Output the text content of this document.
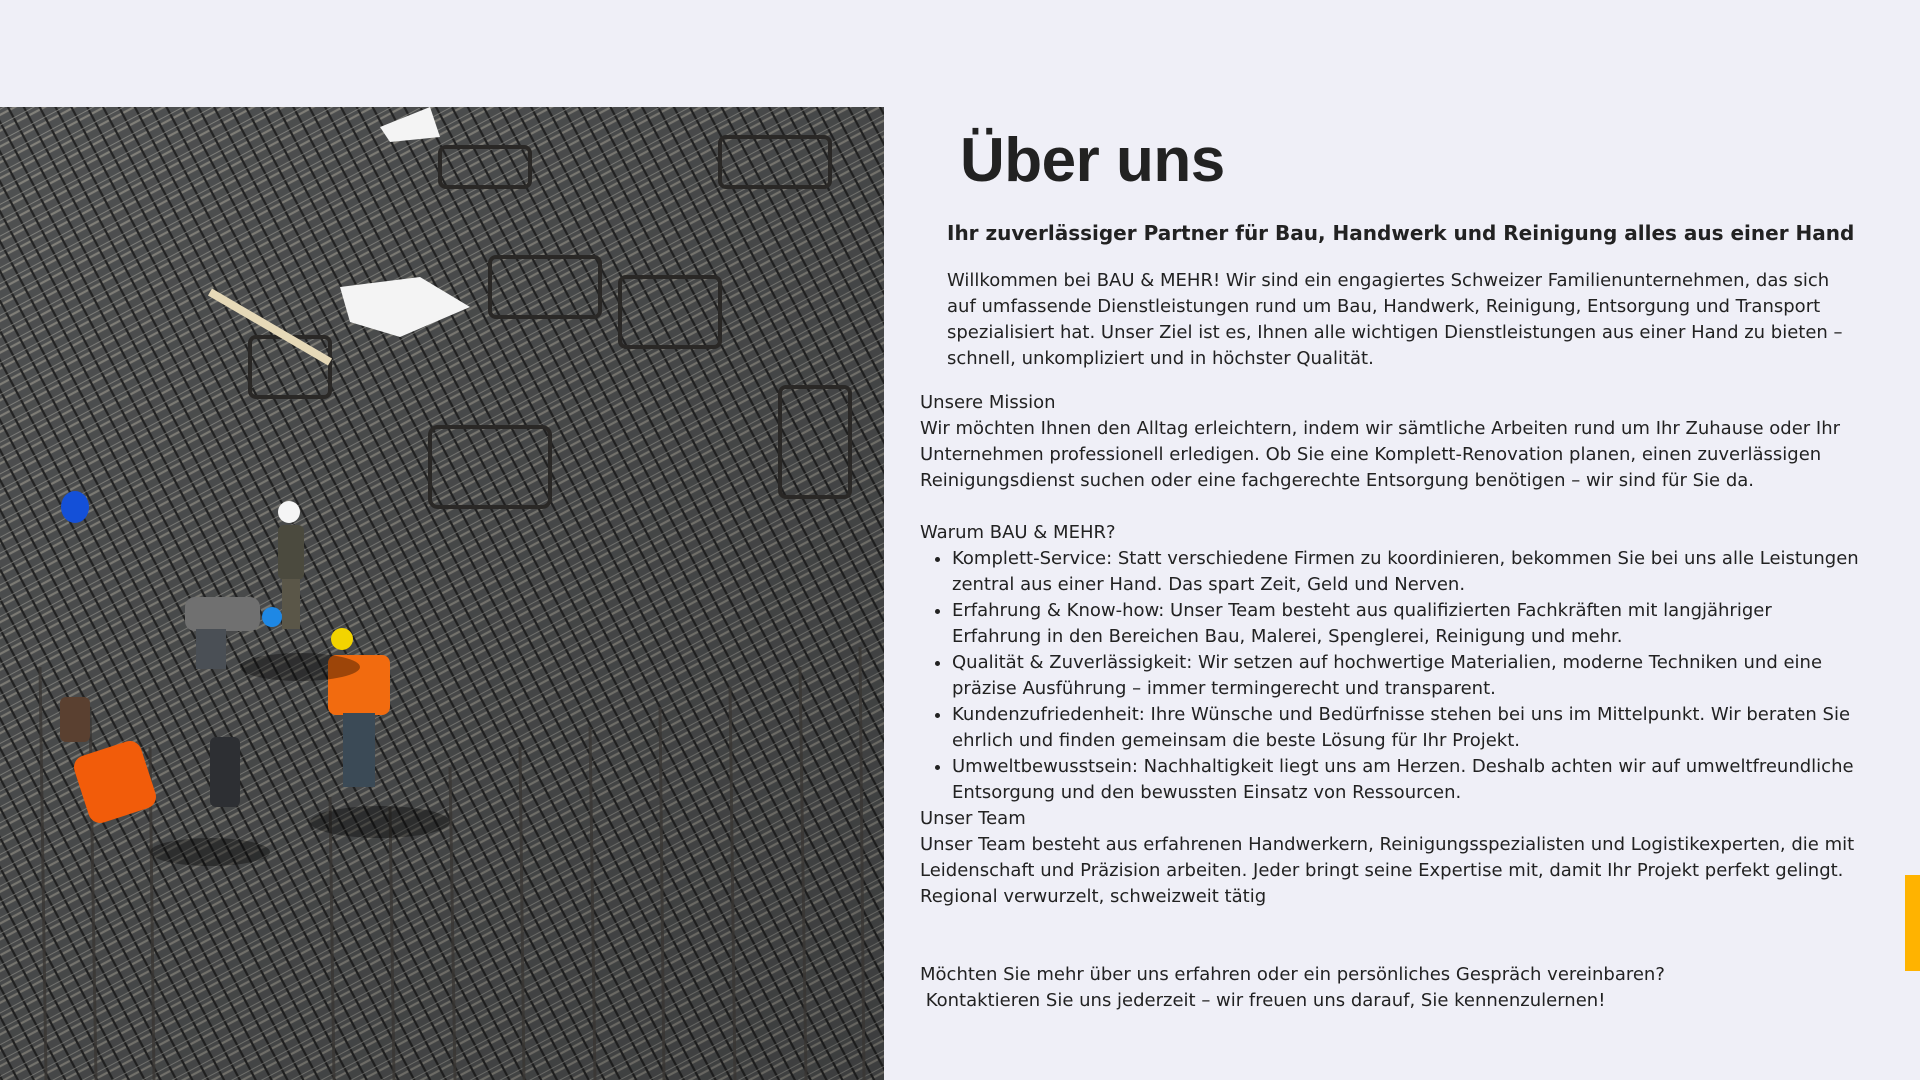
Über uns
Ihr zuverlässiger Partner für Bau, Handwerk und Reinigung alles aus einer Hand

Willkommen bei BAU & MEHR! Wir sind ein engagiertes Schweizer Familienunternehmen, das sich auf umfassende Dienstleistungen rund um Bau, Handwerk, Reinigung, Entsorgung und Transport spezialisiert hat. Unser Ziel ist es, Ihnen alle wichtigen Dienstleistungen aus einer Hand zu bieten – schnell, unkompliziert und in höchster Qualität.

Unsere Mission

Wir möchten Ihnen den Alltag erleichtern, indem wir sämtliche Arbeiten rund um Ihr Zuhause oder Ihr Unternehmen professionell erledigen. Ob Sie eine Komplett-Renovation planen, einen zuverlässigen Reinigungsdienst suchen oder eine fachgerechte Entsorgung benötigen – wir sind für Sie da.

Warum BAU & MEHR?

• Komplett-Service: Statt verschiedene Firmen zu koordinieren, bekommen Sie bei uns alle Leistungen zentral aus einer Hand. Das spart Zeit, Geld und Nerven.
• Erfahrung & Know-how: Unser Team besteht aus qualifizierten Fachkräften mit langjähriger Erfahrung in den Bereichen Bau, Malerei, Spenglerei, Reinigung und mehr.
• Qualität & Zuverlässigkeit: Wir setzen auf hochwertige Materialien, moderne Techniken und eine präzise Ausführung – immer termingerecht und transparent.
• Kundenzufriedenheit: Ihre Wünsche und Bedürfnisse stehen bei uns im Mittelpunkt. Wir beraten Sie ehrlich und finden gemeinsam die beste Lösung für Ihr Projekt.
• Umweltbewusstsein: Nachhaltigkeit liegt uns am Herzen. Deshalb achten wir auf umweltfreundliche Entsorgung und den bewussten Einsatz von Ressourcen.

Unser Team

Unser Team besteht aus erfahrenen Handwerkern, Reinigungsspezialisten und Logistikexperten, die mit Leidenschaft und Präzision arbeiten. Jeder bringt seine Expertise mit, damit Ihr Projekt perfekt gelingt.

Regional verwurzelt, schweizweit tätig

Möchten Sie mehr über uns erfahren oder ein persönliches Gespräch vereinbaren?

Kontaktieren Sie uns jederzeit – wir freuen uns darauf, Sie kennenzulernen!
